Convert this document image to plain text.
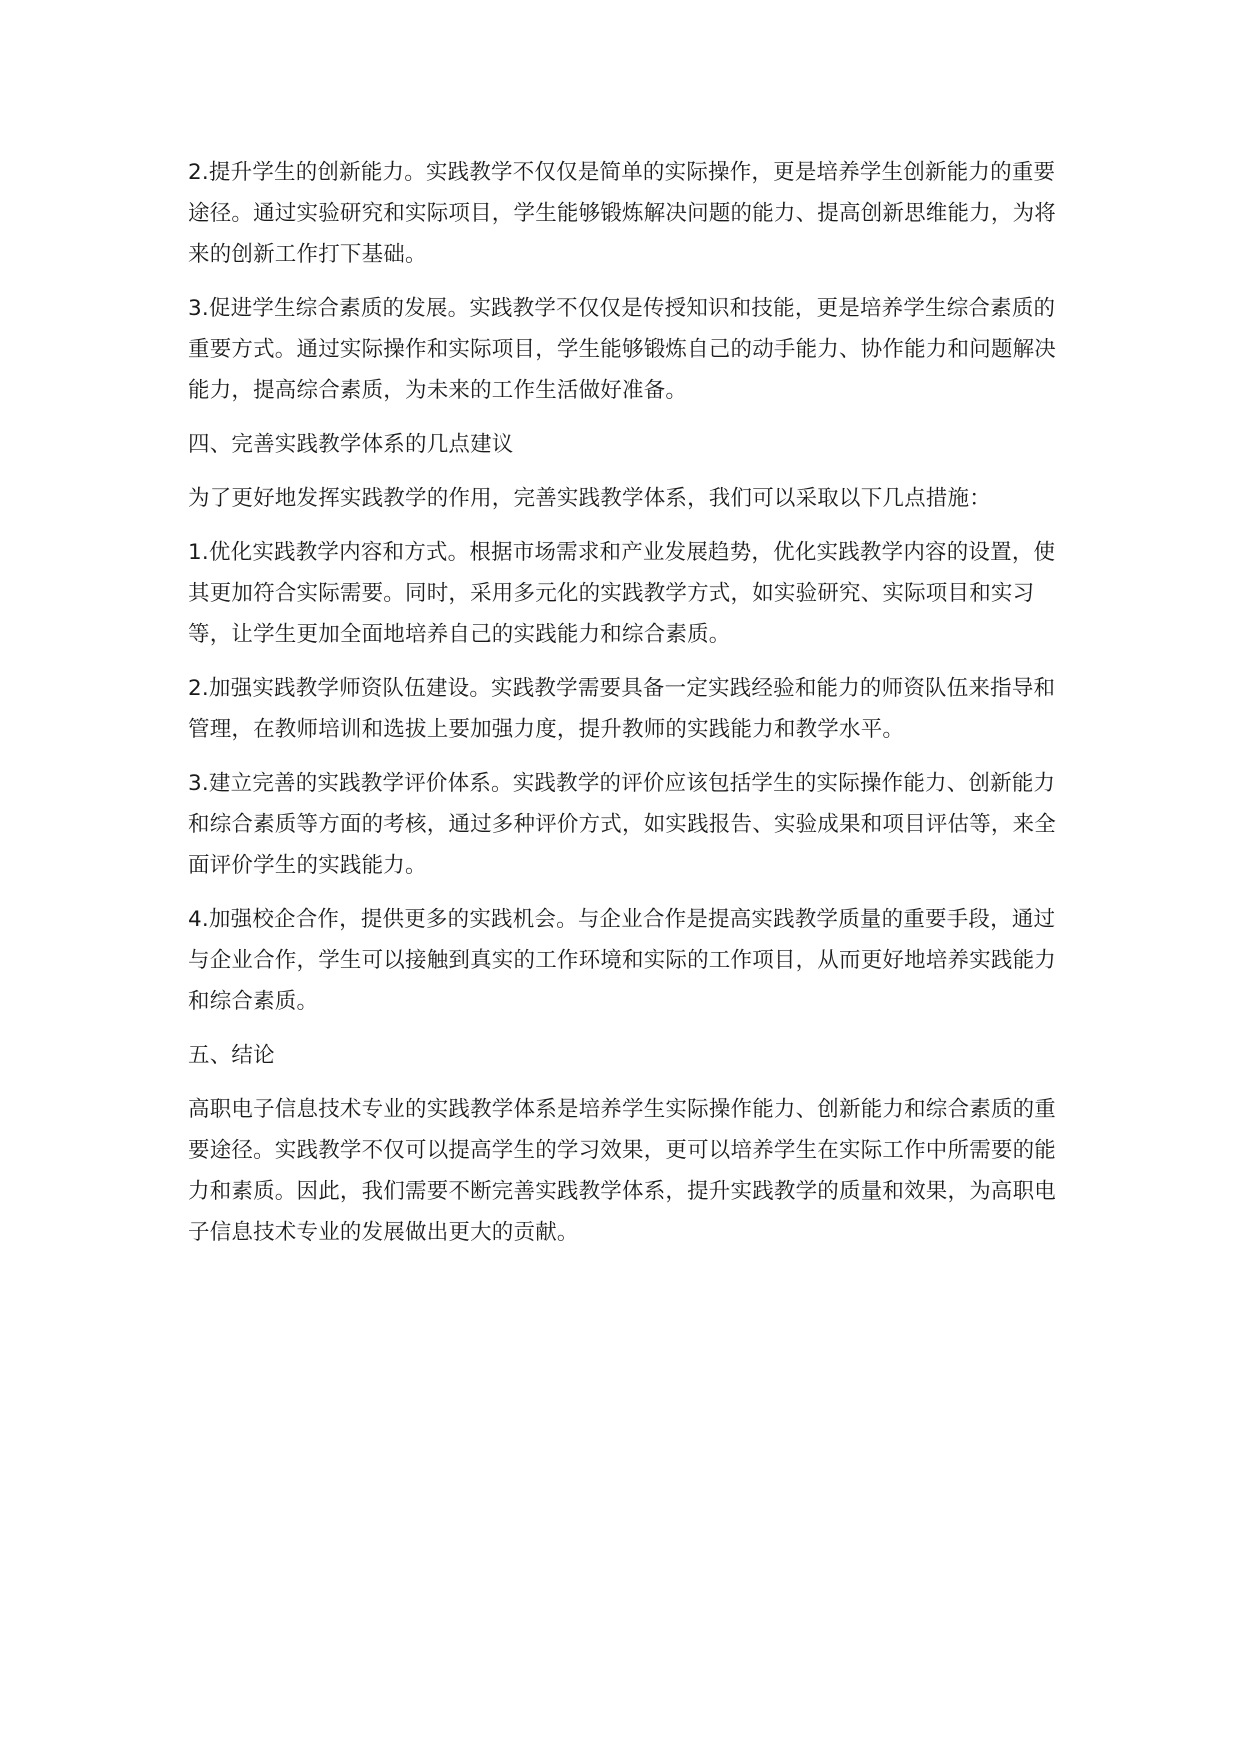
2.提升学生的创新能力。实践教学不仅仅是简单的实际操作，更是培养学生创新能力的重要途径。通过实验研究和实际项目，学生能够锻炼解决问题的能力、提高创新思维能力，为将来的创新工作打下基础。

3.促进学生综合素质的发展。实践教学不仅仅是传授知识和技能，更是培养学生综合素质的重要方式。通过实际操作和实际项目，学生能够锻炼自己的动手能力、协作能力和问题解决能力，提高综合素质，为未来的工作生活做好准备。

四、完善实践教学体系的几点建议

为了更好地发挥实践教学的作用，完善实践教学体系，我们可以采取以下几点措施：

1.优化实践教学内容和方式。根据市场需求和产业发展趋势，优化实践教学内容的设置，使其更加符合实际需要。同时，采用多元化的实践教学方式，如实验研究、实际项目和实习等，让学生更加全面地培养自己的实践能力和综合素质。

2.加强实践教学师资队伍建设。实践教学需要具备一定实践经验和能力的师资队伍来指导和管理，在教师培训和选拔上要加强力度，提升教师的实践能力和教学水平。

3.建立完善的实践教学评价体系。实践教学的评价应该包括学生的实际操作能力、创新能力和综合素质等方面的考核，通过多种评价方式，如实践报告、实验成果和项目评估等，来全面评价学生的实践能力。

4.加强校企合作，提供更多的实践机会。与企业合作是提高实践教学质量的重要手段，通过与企业合作，学生可以接触到真实的工作环境和实际的工作项目，从而更好地培养实践能力和综合素质。

五、结论

高职电子信息技术专业的实践教学体系是培养学生实际操作能力、创新能力和综合素质的重要途径。实践教学不仅可以提高学生的学习效果，更可以培养学生在实际工作中所需要的能力和素质。因此，我们需要不断完善实践教学体系，提升实践教学的质量和效果，为高职电子信息技术专业的发展做出更大的贡献。
